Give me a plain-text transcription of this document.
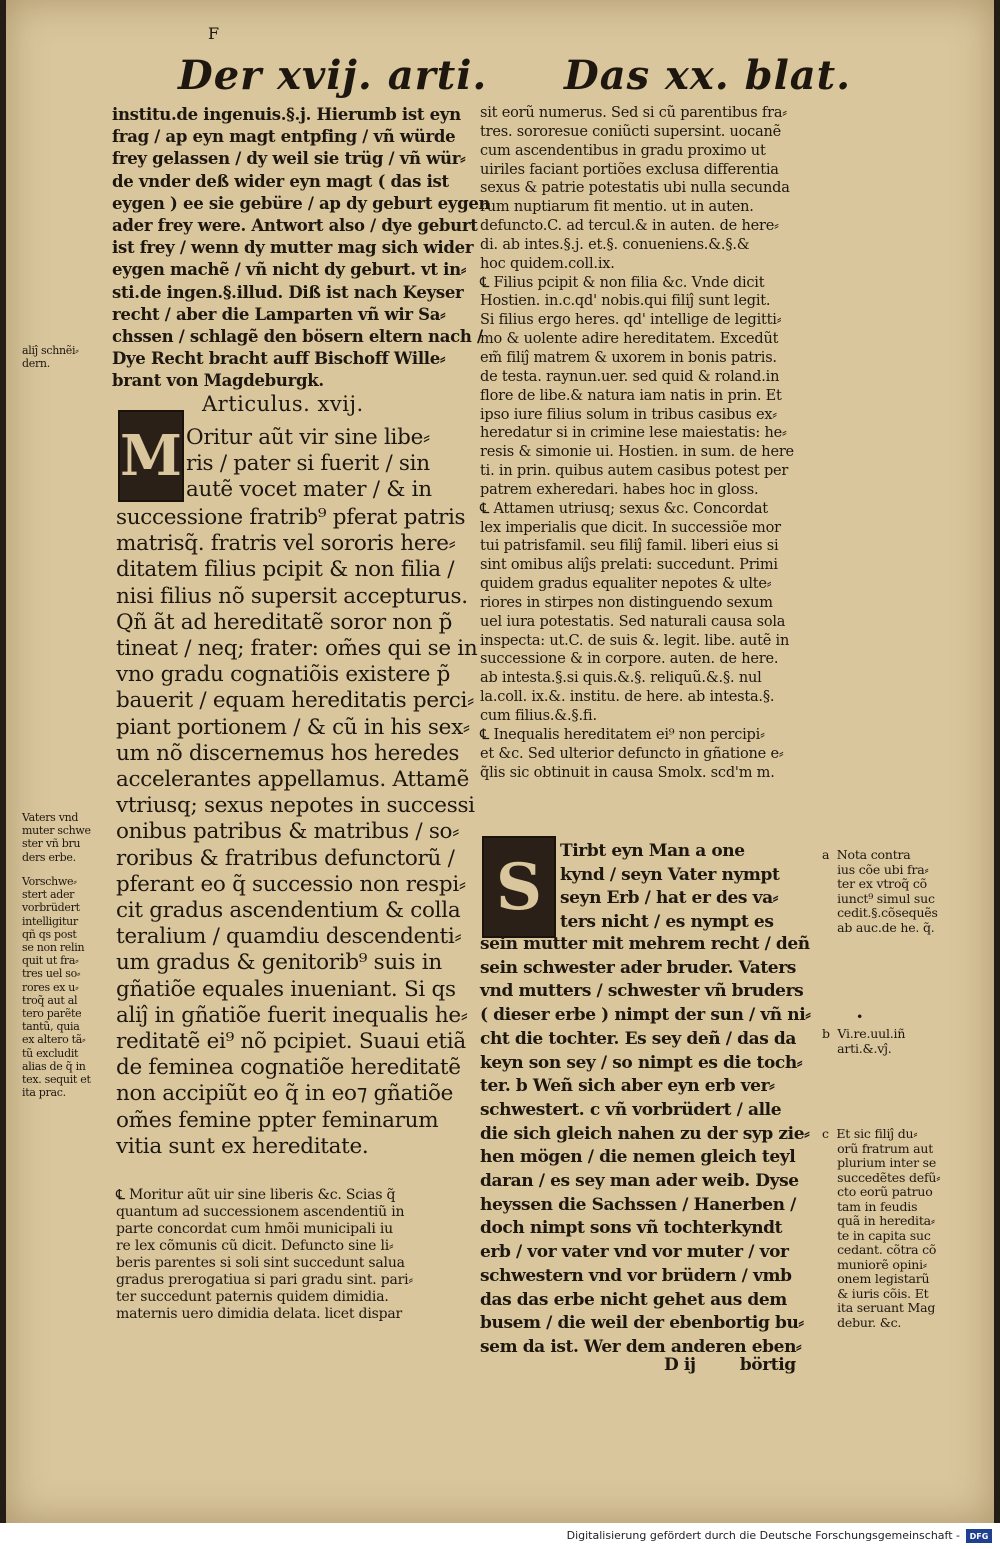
F
Der xvij. arti. Das xx. blat.
aliĵ schnẽi⸗
dern.
Vaters vnd
muter schwe
ster vñ bru
ders erbe.
Vorschwe⸗
stert ader
vorbrüdert
intelligitur
qñ qs post
se non relin
quit ut fra⸗
tres uel so⸗
rores ex u⸗
troq̃ aut al
tero parẽte
tantũ, quia
ex altero tã⸗
tũ excludit
alias de q̃ in
tex. sequit et
ita prac.
institu.de ingenuis.§.j. Hierumb ist eyn
frag / ap eyn magt entpfing / vñ würde
frey gelassen / dy weil sie trüg / vñ wür⸗
de vnder deß wider eyn magt ( das ist
eygen ) ee sie gebüre / ap dy geburt eygen
ader frey were. Antwort also / dye geburt
ist frey / wenn dy mutter mag sich wider
eygen machẽ / vñ nicht dy geburt. vt in⸗
sti.de ingen.§.illud. Diß ist nach Keyser
recht / aber die Lamparten vñ wir Sa⸗
chssen / schlagẽ den bösern eltern nach /
Dye Recht bracht auff Bischoff Wille⸗
brant von Magdeburgk.
Articulus. xvij.
M Oritur aũt vir sine libe⸗
ris / pater si fuerit / sin
autẽ vocet mater / & in
successione fratrib⁹ pferat patris
matrisq̃. fratris vel sororis here⸗
ditatem filius pcipit & non filia /
nisi filius nõ supersit accepturus.
Qñ ãt ad hereditatẽ soror non p̃
tineat / neq; frater: om̃es qui se in
vno gradu cognatiõis existere p̃
bauerit / equam hereditatis perci⸗
piant portionem / & cũ in his sex⸗
um nõ discernemus hos heredes
accelerantes appellamus. Attamẽ
vtriusq; sexus nepotes in successi
onibus patribus & matribus / so⸗
roribus & fratribus defunctorũ /
pferant eo q̃ successio non respi⸗
cit gradus ascendentium & colla
teralium / quamdiu descendenti⸗
um gradus & genitorib⁹ suis in
gñatiõe equales inueniant. Si qs
aliĵ in gñatiõe fuerit inequalis he⸗
reditatẽ ei⁹ nõ pcipiet. Suaui etiã
de feminea cognatiõe hereditatẽ
non accipiũt eo q̃ in eo⁊ gñatiõe
om̃es femine ppter feminarum
vitia sunt ex hereditate.
℄ Moritur aũt uir sine liberis &c. Scias q̃
quantum ad successionem ascendentiũ in
parte concordat cum hmõi municipali iu
re lex cõmunis cũ dicit. Defuncto sine li⸗
beris parentes si soli sint succedunt salua
gradus prerogatiua si pari gradu sint. pari⸗
ter succedunt paternis quidem dimidia.
maternis uero dimidia delata. licet dispar
sit eorũ numerus. Sed si cũ parentibus fra⸗
tres. sororesue coniũcti supersint. uocanẽ
cum ascendentibus in gradu proximo ut
uiriles faciant portiões exclusa differentia
sexus & patrie potestatis ubi nulla secunda
rum nuptiarum fit mentio. ut in auten.
defuncto.C. ad tercul.& in auten. de here⸗
di. ab intes.§.j. et.§. conueniens.&.§.&
hoc quidem.coll.ix.
℄ Filius pcipit & non filia &c. Vnde dicit
Hostien. in.c.qd' nobis.qui filiĵ sunt legit.
Si filius ergo heres. qd' intellige de legitti⸗
mo & uolente adire hereditatem. Excedũt
em̃ filiĵ matrem & uxorem in bonis patris.
de testa. raynun.uer. sed quid & roland.in
flore de libe.& natura iam natis in prin. Et
ipso iure filius solum in tribus casibus ex⸗
heredatur si in crimine lese maiestatis: he⸗
resis & simonie ui. Hostien. in sum. de here
ti. in prin. quibus autem casibus potest per
patrem exheredari. habes hoc in gloss.
℄ Attamen utriusq; sexus &c. Concordat
lex imperialis que dicit. In successiõe mor
tui patrisfamil. seu filiĵ famil. liberi eius si
sint omibus aliĵs prelati: succedunt. Primi
quidem gradus equaliter nepotes & ulte⸗
riores in stirpes non distinguendo sexum
uel iura potestatis. Sed naturali causa sola
inspecta: ut.C. de suis &. legit. libe. autẽ in
successione & in corpore. auten. de here.
ab intesta.§.si quis.&.§. reliquũ.&.§. nul
la.coll. ix.&. institu. de here. ab intesta.§.
cum filius.&.§.fi.
℄ Inequalis hereditatem ei⁹ non percipi⸗
et &c. Sed ulterior defuncto in gñatione e⸗
q̃lis sic obtinuit in causa Smolx. scd'm m.
S Tirbt eyn Man a one
kynd / seyn Vater nympt
seyn Erb / hat er des va⸗
ters nicht / es nympt es
sein mutter mit mehrem recht / deñ
sein schwester ader bruder. Vaters
vnd mutters / schwester vñ bruders
( dieser erbe ) nimpt der sun / vñ ni⸗
cht die tochter. Es sey deñ / das da
keyn son sey / so nimpt es die toch⸗
ter. b Weñ sich aber eyn erb ver⸗
schwestert. c vñ vorbrüdert / alle
die sich gleich nahen zu der syp zie⸗
hen mögen / die nemen gleich teyl
daran / es sey man ader weib. Dyse
heyssen die Sachssen / Hanerben /
doch nimpt sons vñ tochterkyndt
erb / vor vater vnd vor muter / vor
schwestern vnd vor brüdern / vmb
das das erbe nicht gehet aus dem
busem / die weil der ebenbortig bu⸗
sem da ist. Wer dem anderen eben⸗
D ij        börtig
a  Nota contra
ius cõe ubi fra⸗
ter ex vtroq̃ cõ
iunct⁹ simul suc
cedit.§.cõsequẽs
ab auc.de he. q̃.
•
b  Vi.re.uul.iñ
arti.&.vĵ.
c  Et sic filiĵ du⸗
orũ fratrum aut
plurium inter se
succedẽtes defũ⸗
cto eorũ patruo
tam in feudis
quã in heredita⸗
te in capita suc
cedant. cõtra cõ
muniorẽ opini⸗
onem legistarũ
& iuris cõis. Et
ita seruant Mag
debur. &c.
Digitalisierung gefördert durch die Deutsche Forschungsgemeinschaft - DFG
